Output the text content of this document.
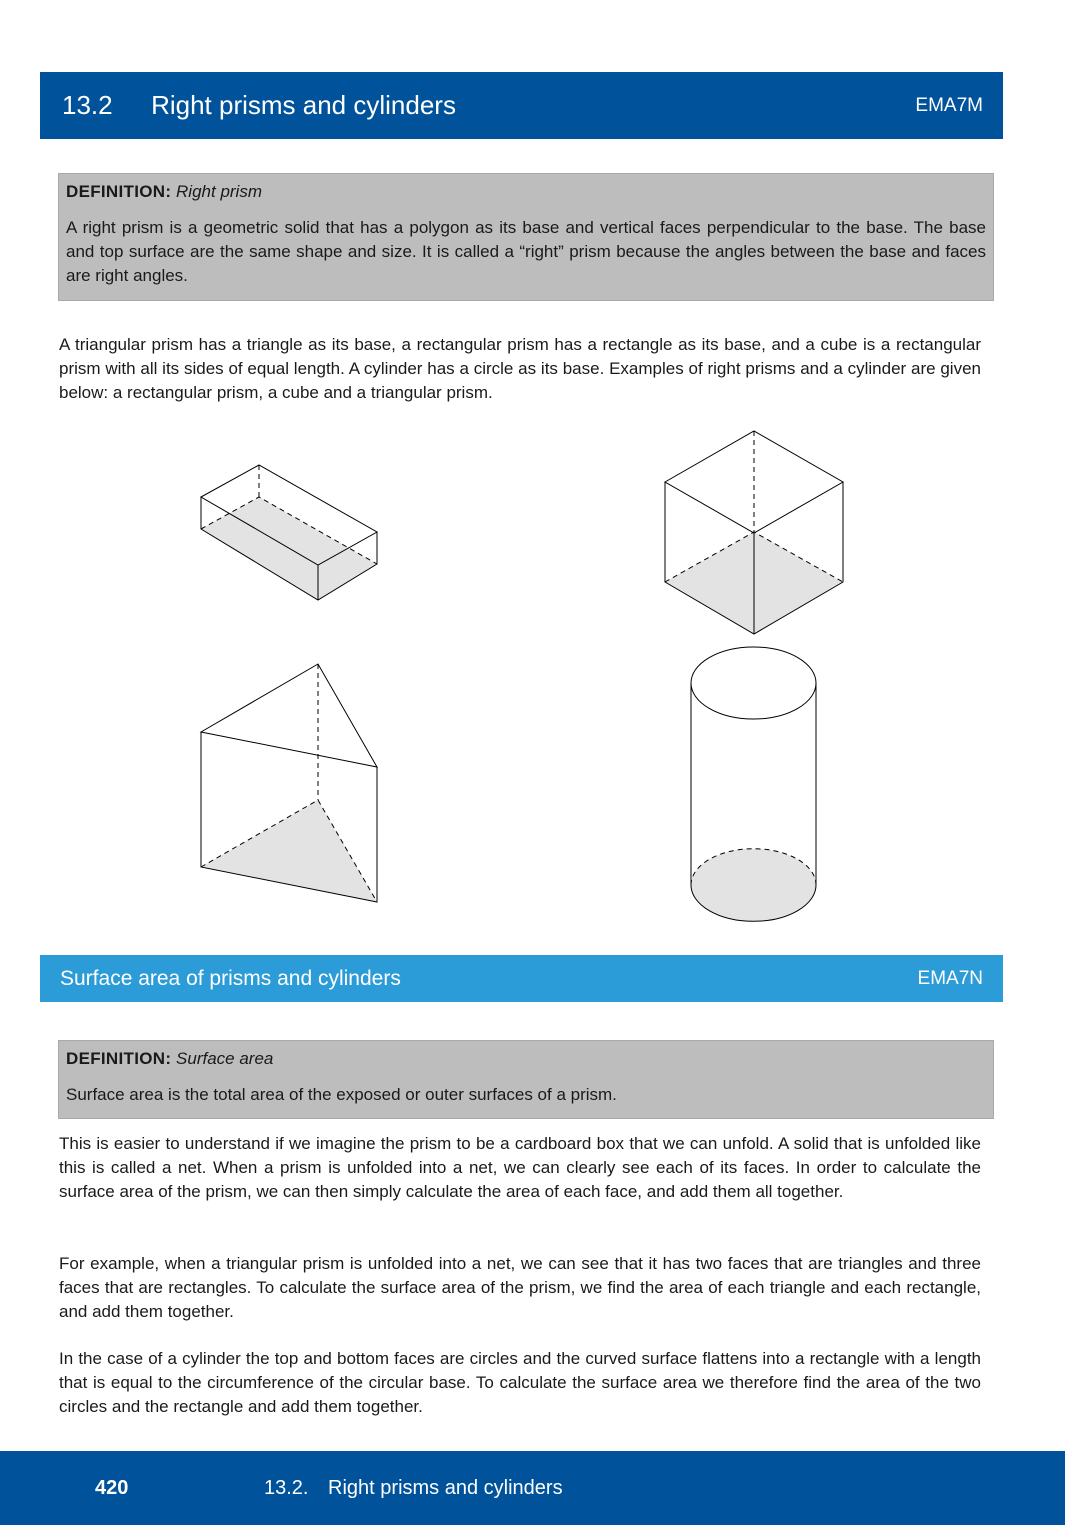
13.2 Right prisms and cylinders	EMA7M
DEFINITION: Right prism
A right prism is a geometric solid that has a polygon as its base and vertical faces perpendicular to the base. The base and top surface are the same shape and size. It is called a “right” prism because the angles between the base and faces are right angles.

A triangular prism has a triangle as its base, a rectangular prism has a rectangle as its base, and a cube is a rectangular prism with all its sides of equal length. A cylinder has a circle as its base. Examples of right prisms and a cylinder are given below: a rectangular prism, a cube and a triangular prism.

Surface area of prisms and cylinders	EMA7N
DEFINITION: Surface area
Surface area is the total area of the exposed or outer surfaces of a prism.

This is easier to understand if we imagine the prism to be a cardboard box that we can unfold. A solid that is unfolded like this is called a net. When a prism is unfolded into a net, we can clearly see each of its faces. In order to calculate the surface area of the prism, we can then simply calculate the area of each face, and add them all together.

For example, when a triangular prism is unfolded into a net, we can see that it has two faces that are triangles and three faces that are rectangles. To calculate the surface area of the prism, we find the area of each triangle and each rectangle, and add them together.

In the case of a cylinder the top and bottom faces are circles and the curved surface flattens into a rectangle with a length that is equal to the circumference of the circular base. To calculate the surface area we therefore find the area of the two circles and the rectangle and add them together.

420	13.2. Right prisms and cylinders
